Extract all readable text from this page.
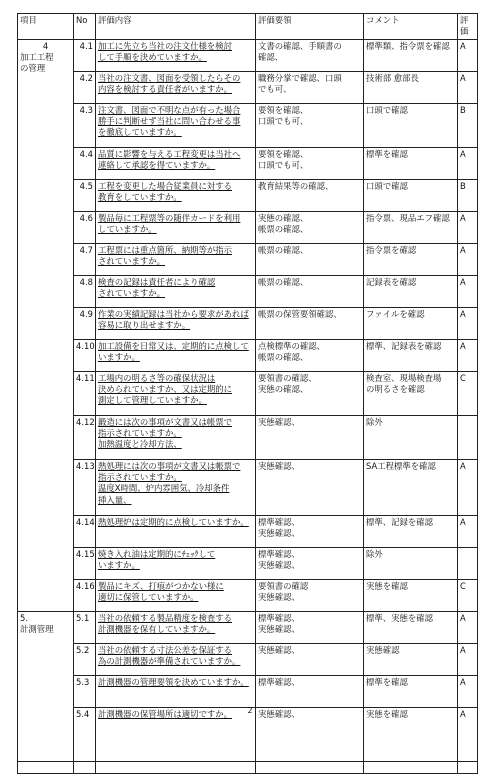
項目	No	評価内容	評価要領	コメント	評価

4
加工工程
の管理	4.1	加工に先立ち当社の注文仕様を検討
して手順を決めていますか。	文書の確認、手順書の
確認、	標準類、指令票を確認	A
	4.2	当社の注文書、図面を受領したらその
内容を検討する責任者がいますか。	職務分掌で確認、口頭
でも可、	技術部 愈部長	A
	4.3	注文書、図面で不明な点が有った場合
勝手に判断せず当社に問い合わせる事
を徹底していますか。	要領を確認、
口頭でも可、	口頭で確認	B
	4.4	品質に影響を与える工程変更は当社へ
連絡して承認を得ていますか。	要領を確認、
口頭でも可、	標準を確認	A
	4.5	工程を変更した場合従業員に対する
教育をしていますか。	教育結果等の確認、	口頭で確認	B
	4.6	製品毎に工程票等の随伴カードを利用
していますか。	実態の確認、
帳票の確認、	指令票、現品エフ確認	A
	4.7	工程票には重点箇所、納期等が指示
されていますか。	帳票の確認、	指令票を確認	A
	4.8	検査の記録は責任者により確認
されていますか。	帳票の確認、	記録表を確認	A
	4.9	作業の実績記録は当社から要求があれば
容易に取り出せますか。	帳票の保管要領確認、	ファイルを確認	A
	4.10	加工設備を日常又は、定期的に点検して
いますか。	点検標準の確認、
帳票の確認、	標準、記録表を確認	A
	4.11	工場内の明るさ等の確保状況は
決められていますか、又は定期的に
測定して管理していますか。	要領書の確認、
実態の確認、	検査室、現場検査場
の明るさを確認	C
	4.12	鍛造には次の事項が文書又は帳票で
指示されていますか。
加熱温度と冷却方法、	実態確認、	除外	
	4.13	熱処理には次の事項が文書又は帳票で
指示されていますか。
温度X時間、炉内雰囲気、冷却条件
挿入量、	実態確認、	SA工程標準を確認	A
	4.14	熱処理炉は定期的に点検していますか。	標準確認、
実態確認、	標準、記録を確認	A
	4.15	焼き入れ油は定期的にﾁｪｯｸして
いますか。	標準確認、
実態確認、	除外	
	4.16	製品にキズ、打痕がつかない様に
適切に保管していますか。	要領書の確認
実態確認、	実態を確認	C

5.
計測管理	5.1	当社の依頼する製品精度を検査する
計測機器を保有していますか。	標準確認、
実態確認、	標準、実態を確認	A
	5.2	当社の依頼する寸法公差を保証する
為の計測機器が準備されていますか。	実態確認、	実態確認	A
	5.3	計測機器の管理要領を決めていますか。	標準確認、	標準を確認	A
	5.4	計測機器の保管場所は適切ですか。	実態確認、	実態を確認	A

2
